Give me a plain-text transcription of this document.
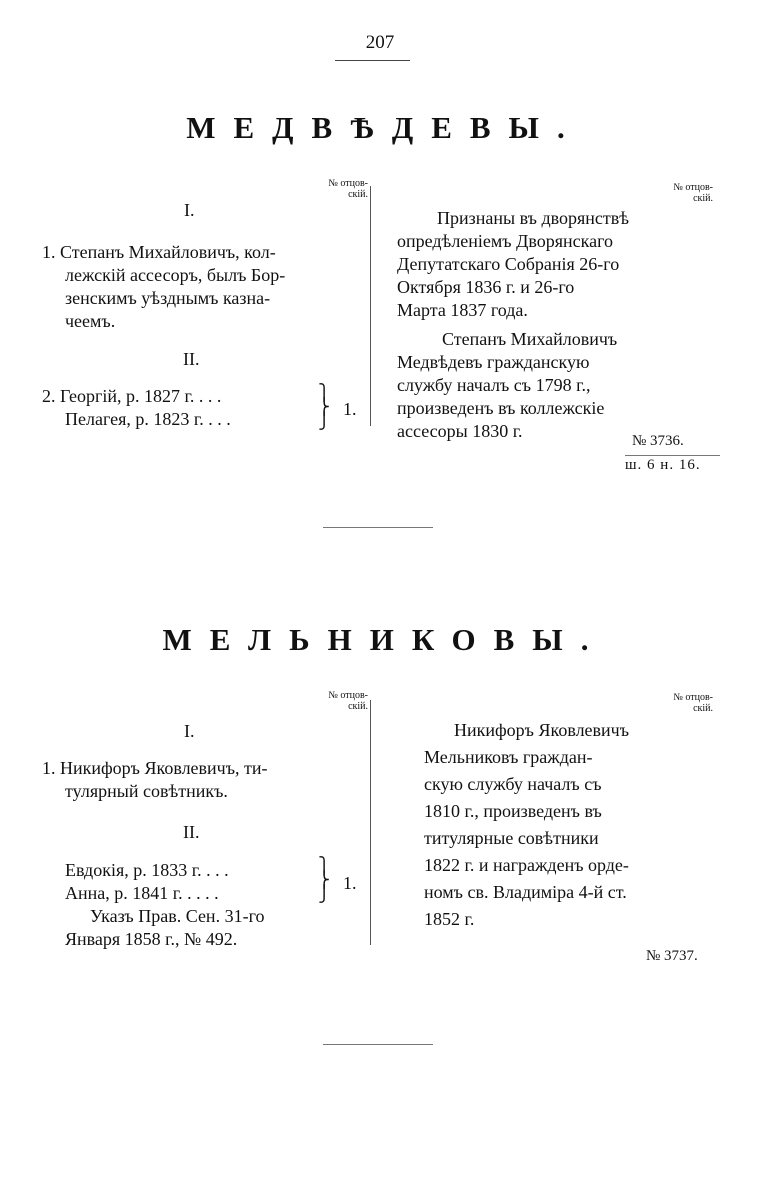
207
МЕДВѢДЕВЫ.
№ отцов-
скій.
№ отцов-
скій.
I.
1. Степанъ Михайловичъ, кол-
лежскій ассесоръ, былъ Бор-
зенскимъ уѣзднымъ казна-
чеемъ.
II.
2. Георгій, р. 1827 г. . . .
Пелагея, р. 1823 г. . . .
⎫
⎬
⎭
1.
Признаны въ дворянствѣ
опредѣленіемъ Дворянскаго
Депутатскаго Собранія 26-го
Октября 1836 г. и 26-го
Марта 1837 года.
Степанъ Михайловичъ
Медвѣдевъ гражданскую
службу началъ съ 1798 г.,
произведенъ въ коллежскіе
ассесоры 1830 г.	№ 3736.
ш. 6 н. 16.
МЕЛЬНИКОВЫ.
№ отцов-
скій.
№ отцов-
скій.
I.
1. Никифоръ Яковлевичъ, ти-
тулярный совѣтникъ.
II.
Евдокія, р. 1833 г. . . .
Анна, р. 1841 г. . . . .
⎫
⎬
⎭
1.
Указъ Прав. Сен. 31-го
Января 1858 г., № 492.
Никифоръ Яковлевичъ
Мельниковъ граждан-
скую службу началъ съ
1810 г., произведенъ въ
титулярные совѣтники
1822 г. и награжденъ орде-
номъ св. Владиміра 4-й ст.
1852 г.
№ 3737.
